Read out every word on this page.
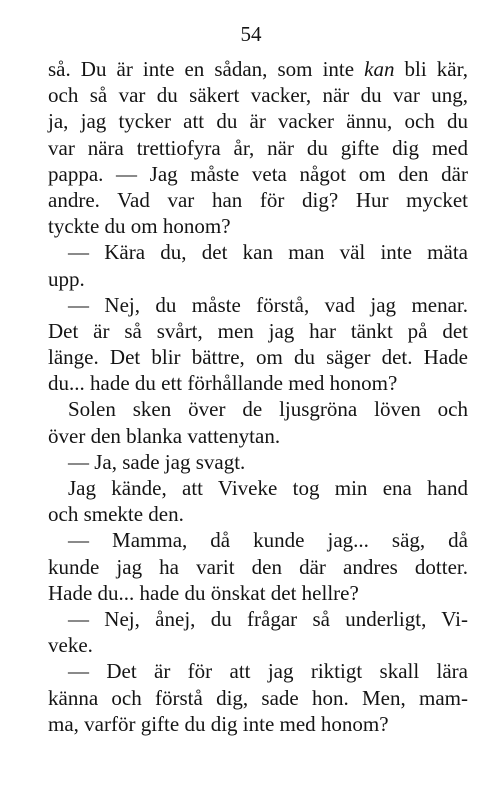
54
så. Du är inte en sådan, som inte kan bli kär,
och så var du säkert vacker, när du var ung,
ja, jag tycker att du är vacker ännu, och du
var nära trettiofyra år, när du gifte dig med
pappa. — Jag måste veta något om den där
andre. Vad var han för dig? Hur mycket
tyckte du om honom?
— Kära du, det kan man väl inte mäta
upp.
— Nej, du måste förstå, vad jag menar.
Det är så svårt, men jag har tänkt på det
länge. Det blir bättre, om du säger det. Hade
du... hade du ett förhållande med honom?
Solen sken över de ljusgröna löven och
över den blanka vattenytan.
— Ja, sade jag svagt.
Jag kände, att Viveke tog min ena hand
och smekte den.
— Mamma, då kunde jag... säg, då
kunde jag ha varit den där andres dotter.
Hade du... hade du önskat det hellre?
— Nej, ånej, du frågar så underligt, Vi-
veke.
— Det är för att jag riktigt skall lära
känna och förstå dig, sade hon. Men, mam-
ma, varför gifte du dig inte med honom?
